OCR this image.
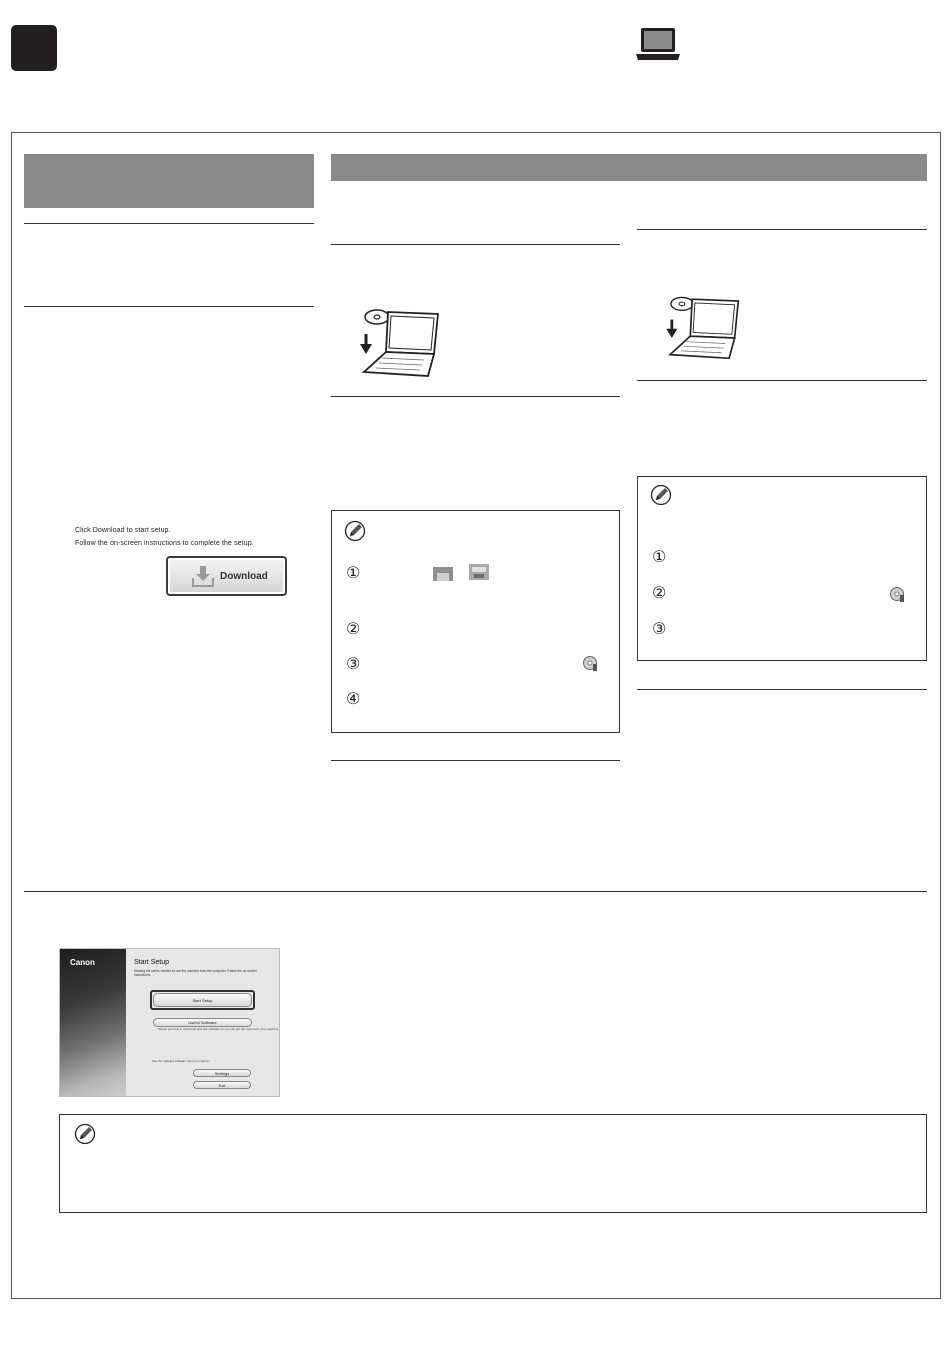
Click Download to start setup.
Follow the on-screen instructions to complete the setup.
Download	①
②
③
④
①
②
③
Canon	Start Setup
Starting the series needed to use the machine from the computer. Follow the on-screen instructions.
Start Setup
Useful Software
Shows you how to download and use software so you can get the most from your machine.
Use the updated software found on internet
Settings
Exit
